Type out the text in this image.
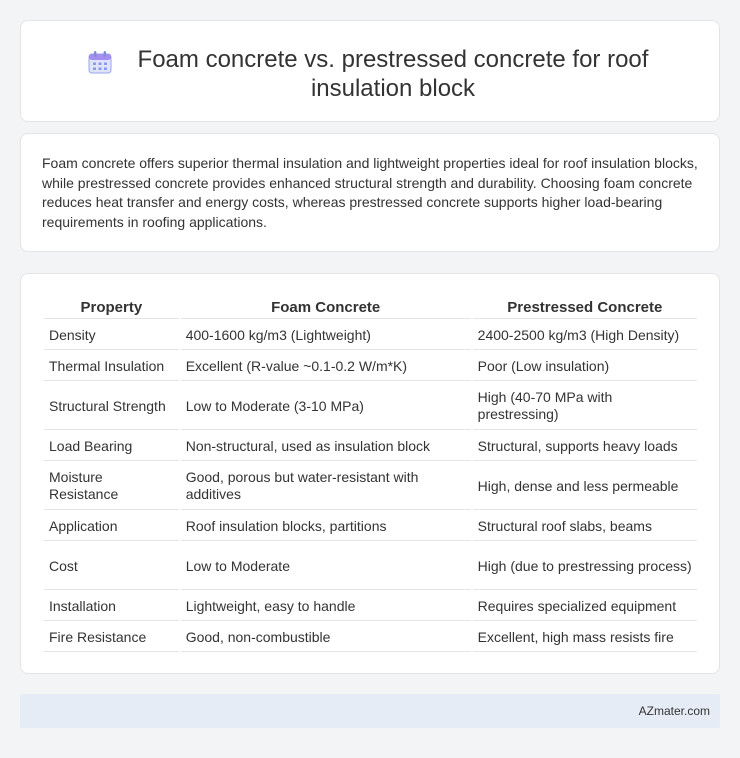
Foam concrete vs. prestressed concrete for roof insulation block

Foam concrete offers superior thermal insulation and lightweight properties ideal for roof insulation blocks, while prestressed concrete provides enhanced structural strength and durability. Choosing foam concrete reduces heat transfer and energy costs, whereas prestressed concrete supports higher load-bearing requirements in roofing applications.

Property	Foam Concrete	Prestressed Concrete
Density	400-1600 kg/m3 (Lightweight)	2400-2500 kg/m3 (High Density)
Thermal Insulation	Excellent (R-value ~0.1-0.2 W/m*K)	Poor (Low insulation)
Structural Strength	Low to Moderate (3-10 MPa)	High (40-70 MPa with prestressing)
Load Bearing	Non-structural, used as insulation block	Structural, supports heavy loads
Moisture Resistance	Good, porous but water-resistant with additives	High, dense and less permeable
Application	Roof insulation blocks, partitions	Structural roof slabs, beams
Cost	Low to Moderate	High (due to prestressing process)
Installation	Lightweight, easy to handle	Requires specialized equipment
Fire Resistance	Good, non-combustible	Excellent, high mass resists fire
AZmater.com
